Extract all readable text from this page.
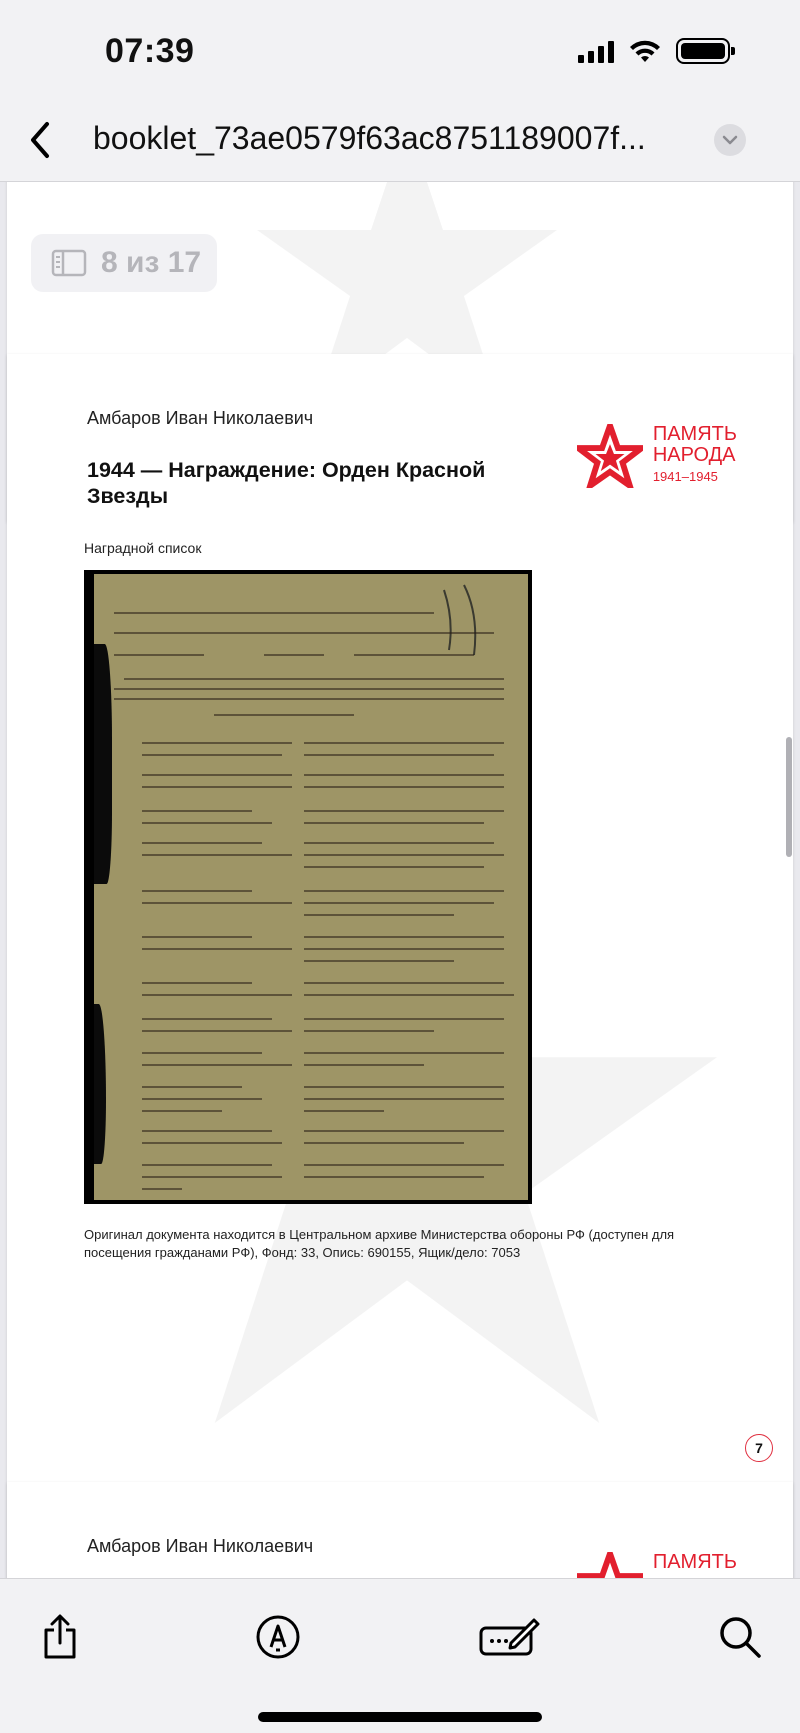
07:39
booklet_73ae0579f63ac8751189007f...
8 из 17
Амбаров Иван Николаевич
1944 — Награждение: Орден Красной Звезды
ПАМЯТЬ
НАРОДА
1941–1945
Наградной список
Оригинал документа находится в Центральном архиве Министерства обороны РФ (доступен для посещения гражданами РФ), Фонд: 33, Опись: 690155, Ящик/дело: 7053
7
Амбаров Иван Николаевич
ПАМЯТЬ
